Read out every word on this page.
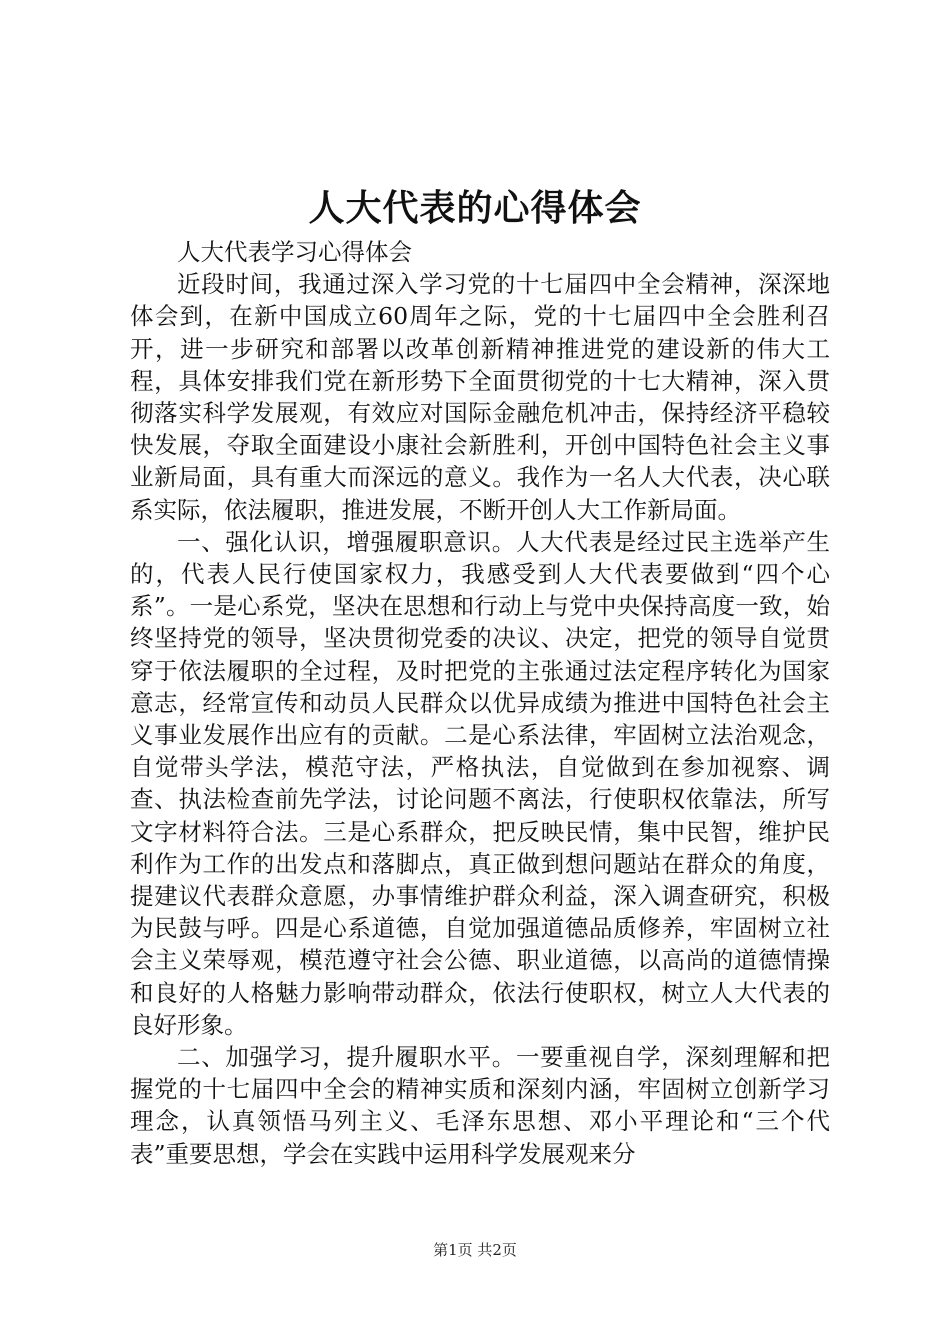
人大代表的心得体会

人大代表学习心得体会

近段时间，我通过深入学习党的十七届四中全会精神，深深地体会到，在新中国成立60周年之际，党的十七届四中全会胜利召开，进一步研究和部署以改革创新精神推进党的建设新的伟大工程，具体安排我们党在新形势下全面贯彻党的十七大精神，深入贯彻落实科学发展观，有效应对国际金融危机冲击，保持经济平稳较快发展，夺取全面建设小康社会新胜利，开创中国特色社会主义事业新局面，具有重大而深远的意义。我作为一名人大代表，决心联系实际，依法履职，推进发展，不断开创人大工作新局面。

一、强化认识，增强履职意识。人大代表是经过民主选举产生的，代表人民行使国家权力，我感受到人大代表要做到“四个心系”。一是心系党，坚决在思想和行动上与党中央保持高度一致，始终坚持党的领导，坚决贯彻党委的决议、决定，把党的领导自觉贯穿于依法履职的全过程，及时把党的主张通过法定程序转化为国家意志，经常宣传和动员人民群众以优异成绩为推进中国特色社会主义事业发展作出应有的贡献。二是心系法律，牢固树立法治观念，自觉带头学法，模范守法，严格执法，自觉做到在参加视察、调查、执法检查前先学法，讨论问题不离法，行使职权依靠法，所写文字材料符合法。三是心系群众，把反映民情，集中民智，维护民利作为工作的出发点和落脚点，真正做到想问题站在群众的角度，提建议代表群众意愿，办事情维护群众利益，深入调查研究，积极为民鼓与呼。四是心系道德，自觉加强道德品质修养，牢固树立社会主义荣辱观，模范遵守社会公德、职业道德，以高尚的道德情操和良好的人格魅力影响带动群众，依法行使职权，树立人大代表的良好形象。

二、加强学习，提升履职水平。一要重视自学，深刻理解和把握党的十七届四中全会的精神实质和深刻内涵，牢固树立创新学习理念，认真领悟马列主义、毛泽东思想、邓小平理论和“三个代表”重要思想，学会在实践中运用科学发展观来分

第1页 共2页
